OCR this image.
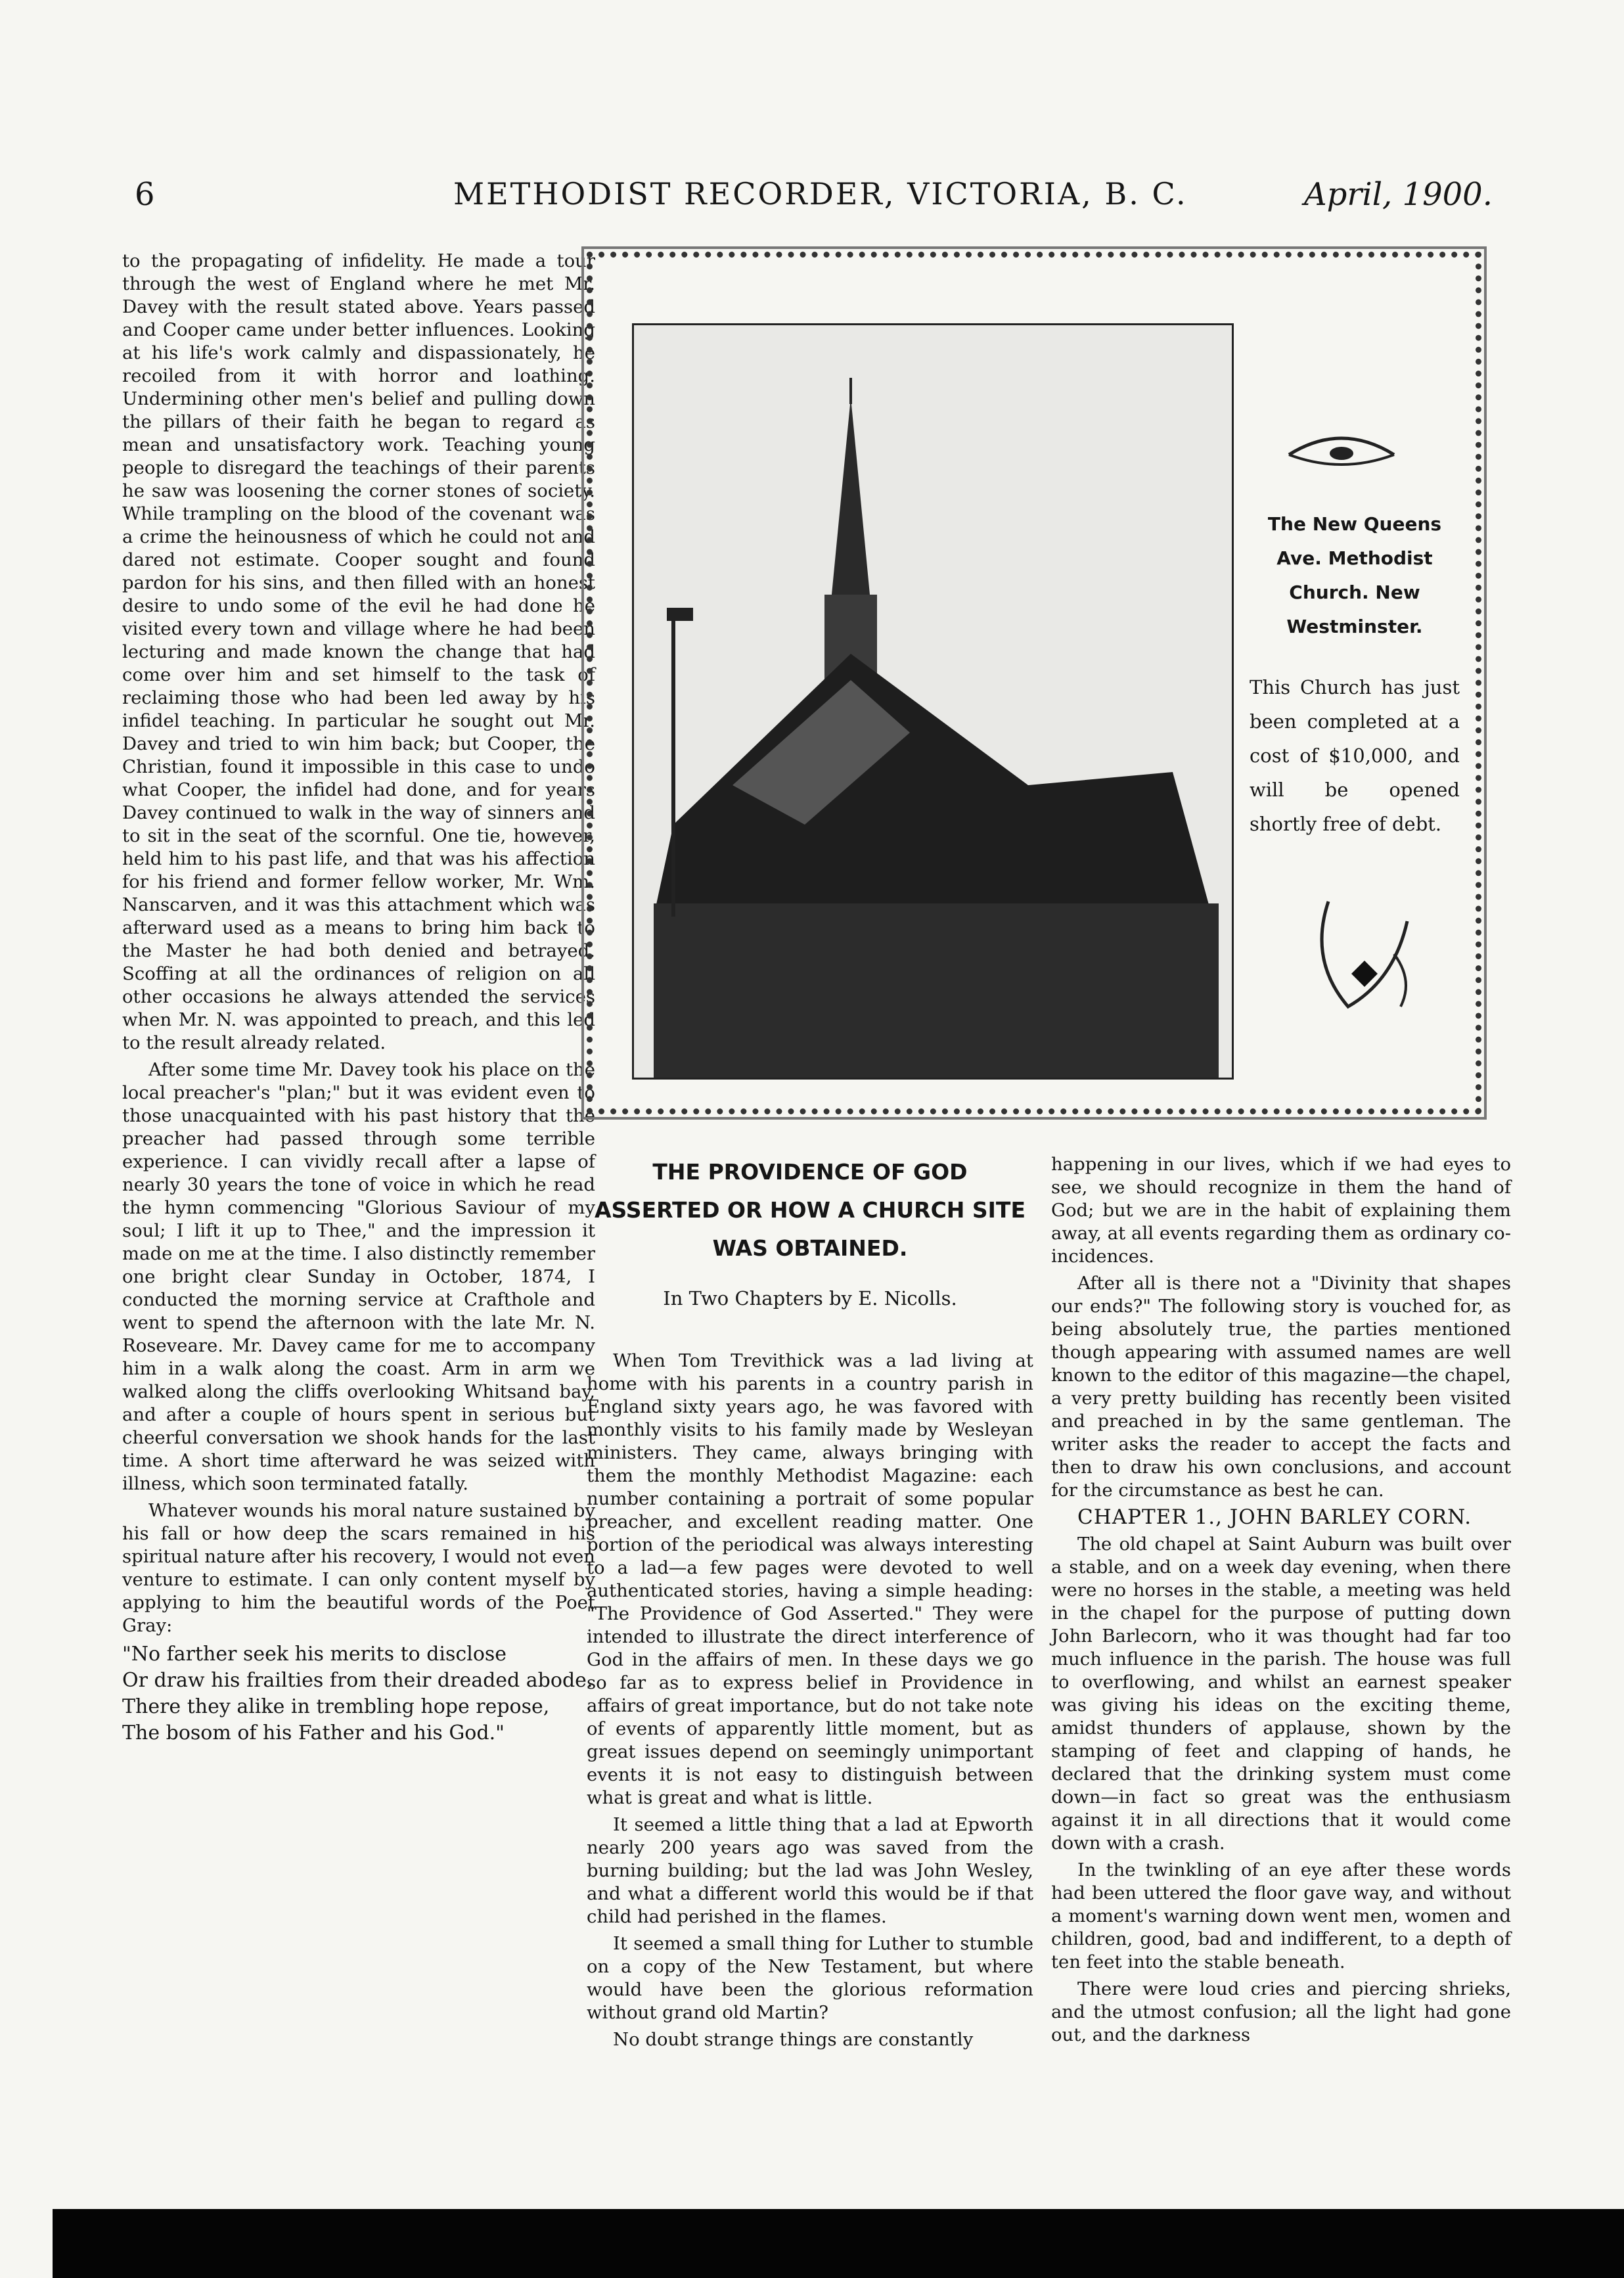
6	METHODIST RECORDER, VICTORIA, B. C.	April, 1900.

to the propagating of infidelity. He made a tour through the west of England where he met Mr. Davey with the result stated above. Years passed and Cooper came under better influences. Looking at his life's work calmly and dispassionately, he recoiled from it with horror and loathing. Undermining other men's belief and pulling down the pillars of their faith he began to regard as mean and unsatisfactory work. Teaching young people to disregard the teachings of their parents he saw was loosening the corner stones of society. While trampling on the blood of the covenant was a crime the heinousness of which he could not and dared not estimate. Cooper sought and found pardon for his sins, and then filled with an honest desire to undo some of the evil he had done he visited every town and village where he had been lecturing and made known the change that had come over him and set himself to the task of reclaiming those who had been led away by his infidel teaching. In particular he sought out Mr. Davey and tried to win him back; but Cooper, the Christian, found it impossible in this case to undo what Cooper, the infidel had done, and for years Davey continued to walk in the way of sinners and to sit in the seat of the scornful. One tie, however, held him to his past life, and that was his affection for his friend and former fellow worker, Mr. Wm. Nanscarven, and it was this attachment which was afterward used as a means to bring him back to the Master he had both denied and betrayed. Scoffing at all the ordinances of religion on all other occasions he always attended the services when Mr. N. was appointed to preach, and this led to the result already related.

After some time Mr. Davey took his place on the local preacher's "plan;" but it was evident even to those unacquainted with his past history that the preacher had passed through some terrible experience. I can vividly recall after a lapse of nearly 30 years the tone of voice in which he read the hymn commencing "Glorious Saviour of my soul; I lift it up to Thee," and the impression it made on me at the time. I also distinctly remember one bright clear Sunday in October, 1874, I conducted the morning service at Crafthole and went to spend the afternoon with the late Mr. N. Roseveare. Mr. Davey came for me to accompany him in a walk along the coast. Arm in arm we walked along the cliffs overlooking Whitsand bay, and after a couple of hours spent in serious but cheerful conversation we shook hands for the last time. A short time afterward he was seized with illness, which soon terminated fatally.

Whatever wounds his moral nature sustained by his fall or how deep the scars remained in his spiritual nature after his recovery, I would not even venture to estimate. I can only content myself by applying to him the beautiful words of the Poet Gray:

"No farther seek his merits to disclose
Or draw his frailties from their dreaded abode.
There they alike in trembling hope repose,
The bosom of his Father and his God."
The New Queens Ave. Methodist Church. New Westminster.
This Church has just been completed at a cost of $10,000, and will be opened shortly free of debt.
THE PROVIDENCE OF GOD ASSERTED OR HOW A CHURCH SITE WAS OBTAINED.
In Two Chapters by E. Nicolls.

When Tom Trevithick was a lad living at home with his parents in a country parish in England sixty years ago, he was favored with monthly visits to his family made by Wesleyan ministers. They came, always bringing with them the monthly Methodist Magazine: each number containing a portrait of some popular preacher, and excellent reading matter. One portion of the periodical was always interesting to a lad—a few pages were devoted to well authenticated stories, having a simple heading: "The Providence of God Asserted." They were intended to illustrate the direct interference of God in the affairs of men. In these days we go so far as to express belief in Providence in affairs of great importance, but do not take note of events of apparently little moment, but as great issues depend on seemingly unimportant events it is not easy to distinguish between what is great and what is little.

It seemed a little thing that a lad at Epworth nearly 200 years ago was saved from the burning building; but the lad was John Wesley, and what a different world this would be if that child had perished in the flames.

It seemed a small thing for Luther to stumble on a copy of the New Testament, but where would have been the glorious reformation without grand old Martin?

No doubt strange things are constantly

happening in our lives, which if we had eyes to see, we should recognize in them the hand of God; but we are in the habit of explaining them away, at all events regarding them as ordinary co-incidences.

After all is there not a "Divinity that shapes our ends?" The following story is vouched for, as being absolutely true, the parties mentioned though appearing with assumed names are well known to the editor of this magazine—the chapel, a very pretty building has recently been visited and preached in by the same gentleman. The writer asks the reader to accept the facts and then to draw his own conclusions, and account for the circumstance as best he can.

CHAPTER 1., JOHN BARLEY CORN.

The old chapel at Saint Auburn was built over a stable, and on a week day evening, when there were no horses in the stable, a meeting was held in the chapel for the purpose of putting down John Barlecorn, who it was thought had far too much influence in the parish. The house was full to overflowing, and whilst an earnest speaker was giving his ideas on the exciting theme, amidst thunders of applause, shown by the stamping of feet and clapping of hands, he declared that the drinking system must come down—in fact so great was the enthusiasm against it in all directions that it would come down with a crash.

In the twinkling of an eye after these words had been uttered the floor gave way, and without a moment's warning down went men, women and children, good, bad and indifferent, to a depth of ten feet into the stable beneath.

There were loud cries and piercing shrieks, and the utmost confusion; all the light had gone out, and the darkness
